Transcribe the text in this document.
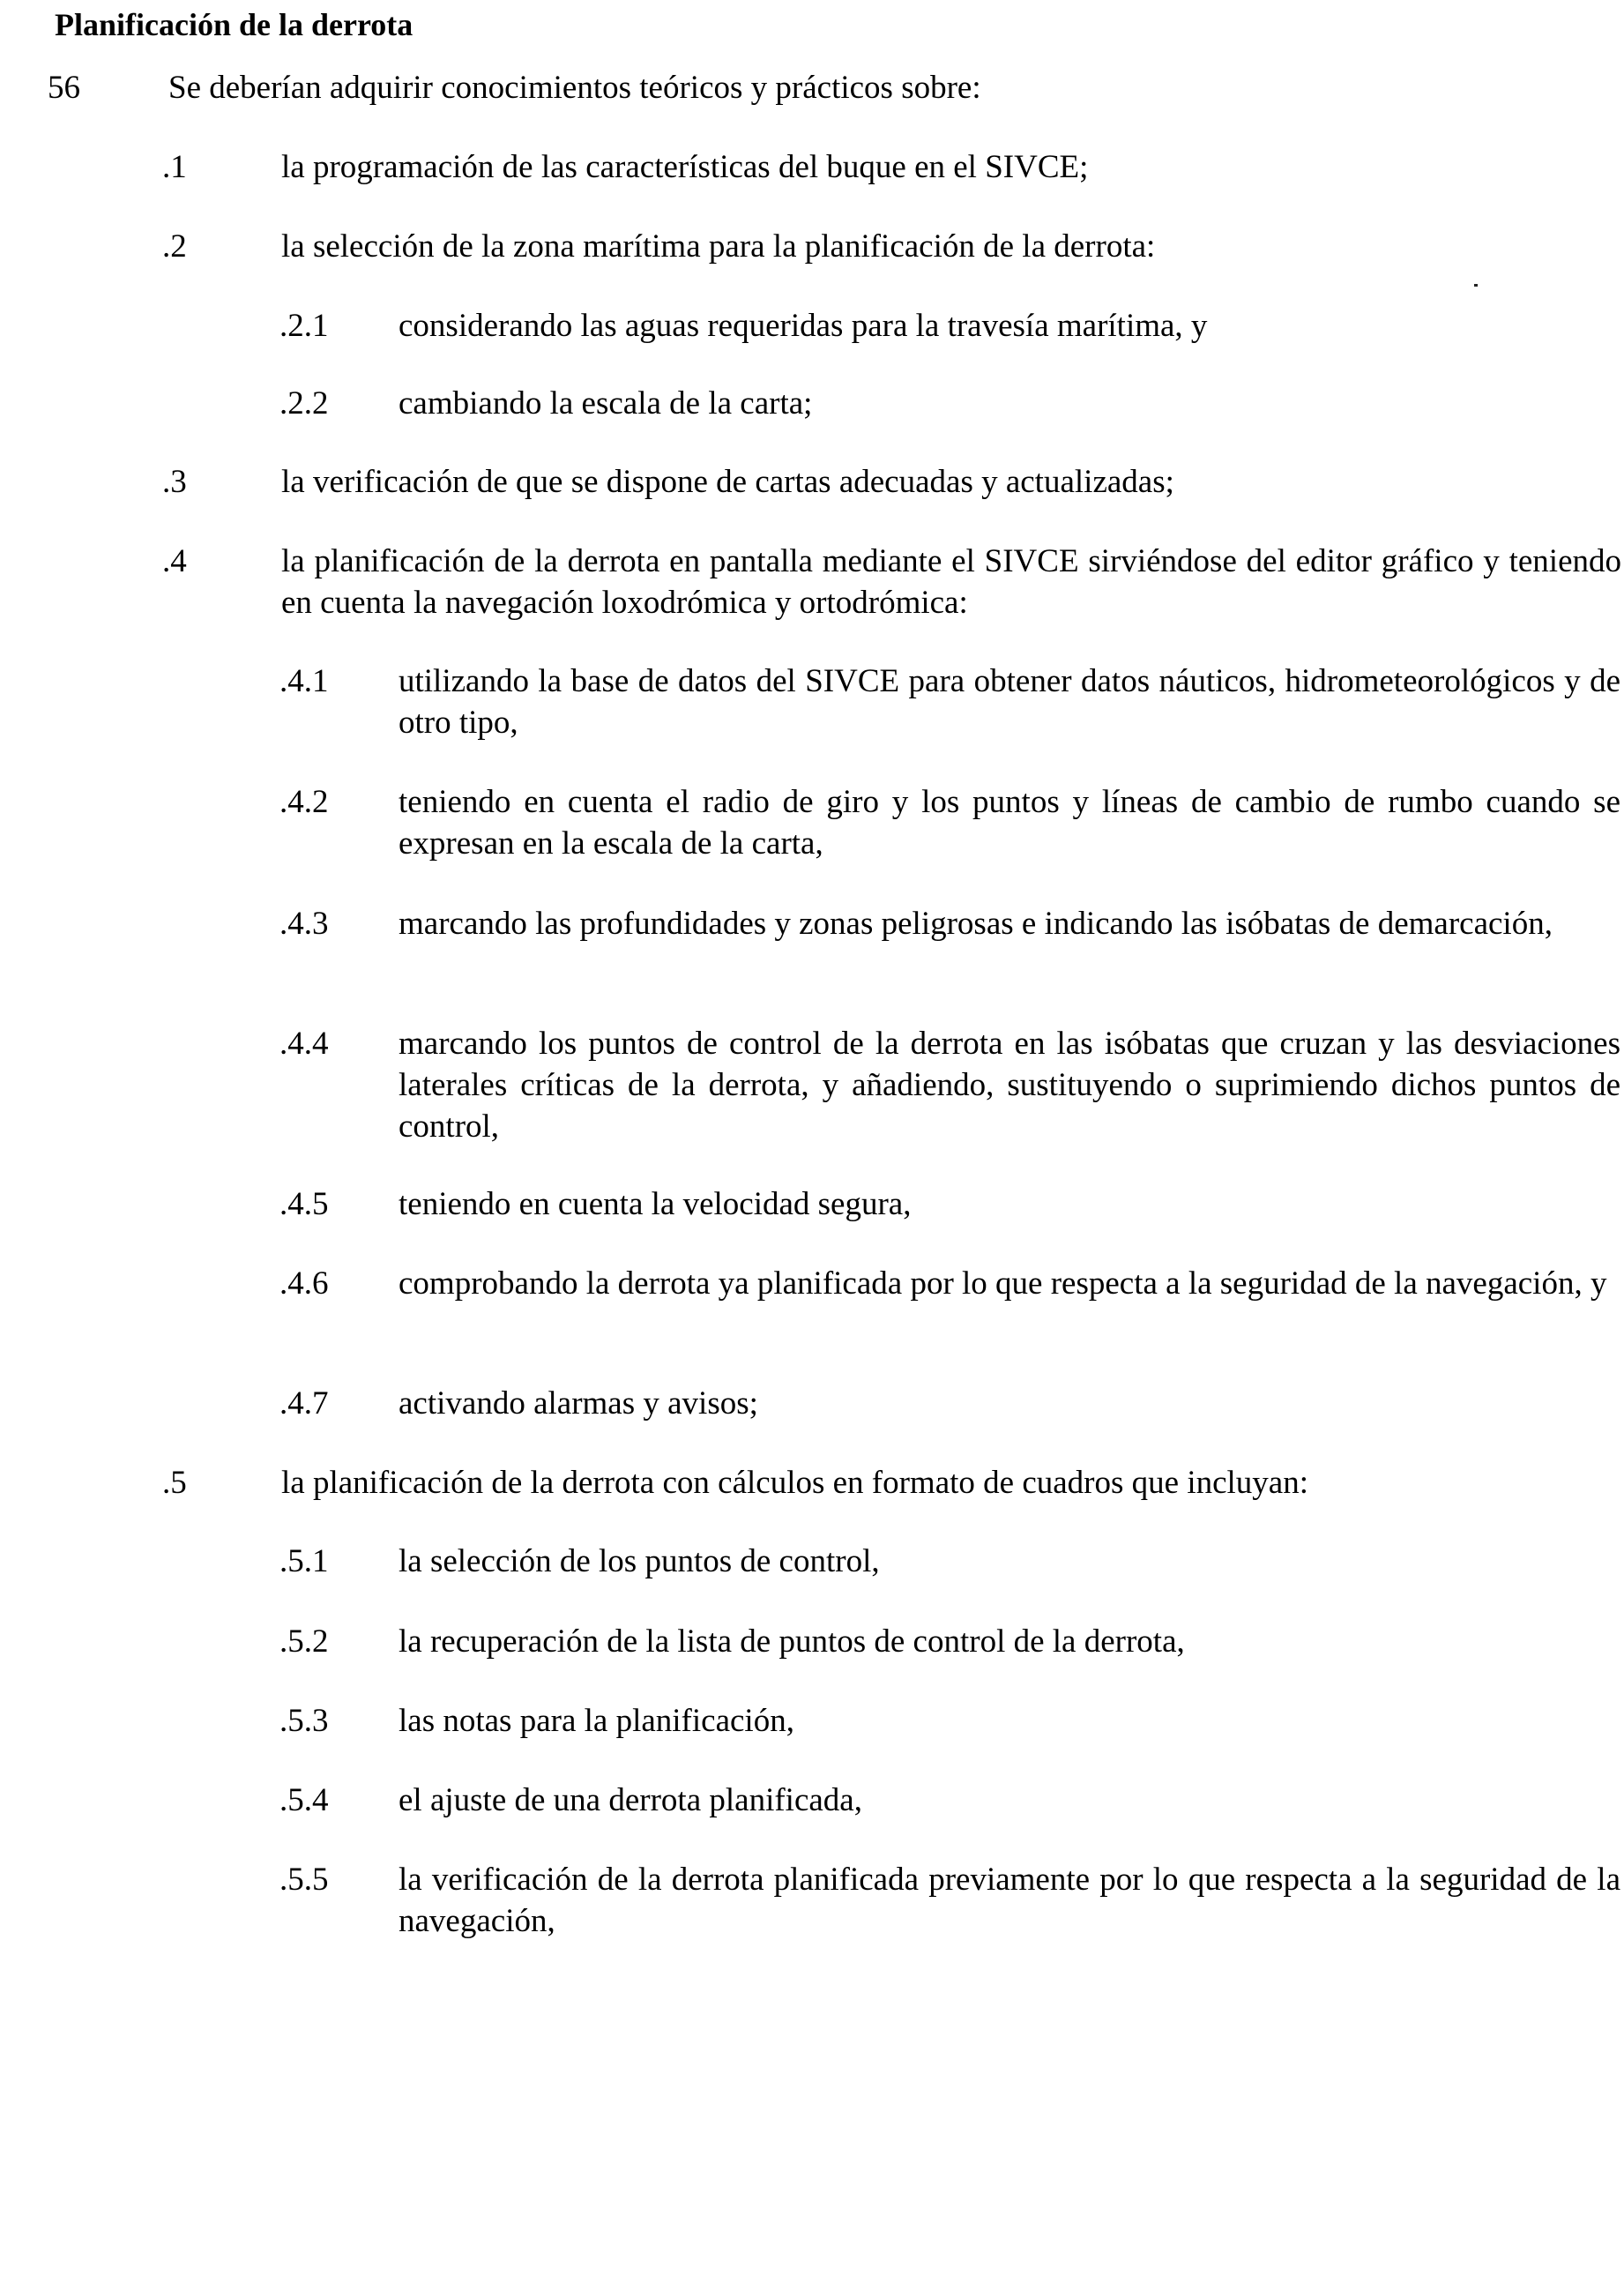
Planificación de la derrota
56	Se deberían adquirir conocimientos teóricos y prácticos sobre:
.1	la programación de las características del buque en el SIVCE;
.2	la selección de la zona marítima para la planificación de la derrota:
.2.1 considerando las aguas requeridas para la travesía marítima, y
.2.2 cambiando la escala de la carta;
.3	la verificación de que se dispone de cartas adecuadas y actualizadas;
.4	la planificación de la derrota en pantalla mediante el SIVCE sirviéndose del editor gráfico y teniendo en cuenta la navegación loxodrómica y ortodrómica:
.4.1 utilizando la base de datos del SIVCE para obtener datos náuticos, hidrometeorológicos y de otro tipo,
.4.2 teniendo en cuenta el radio de giro y los puntos y líneas de cambio de rumbo cuando se expresan en la escala de la carta,
.4.3 marcando las profundidades y zonas peligrosas e indicando las isóbatas de demarcación,
.4.4 marcando los puntos de control de la derrota en las isóbatas que cruzan y las desviaciones laterales críticas de la derrota, y añadiendo, sustituyendo o suprimiendo dichos puntos de control,
.4.5 teniendo en cuenta la velocidad segura,
.4.6 comprobando la derrota ya planificada por lo que respecta a la seguridad de la navegación, y
.4.7 activando alarmas y avisos;
.5	la planificación de la derrota con cálculos en formato de cuadros que incluyan:
.5.1 la selección de los puntos de control,
.5.2 la recuperación de la lista de puntos de control de la derrota,
.5.3 las notas para la planificación,
.5.4 el ajuste de una derrota planificada,
.5.5 la verificación de la derrota planificada previamente por lo que respecta a la seguridad de la navegación,
